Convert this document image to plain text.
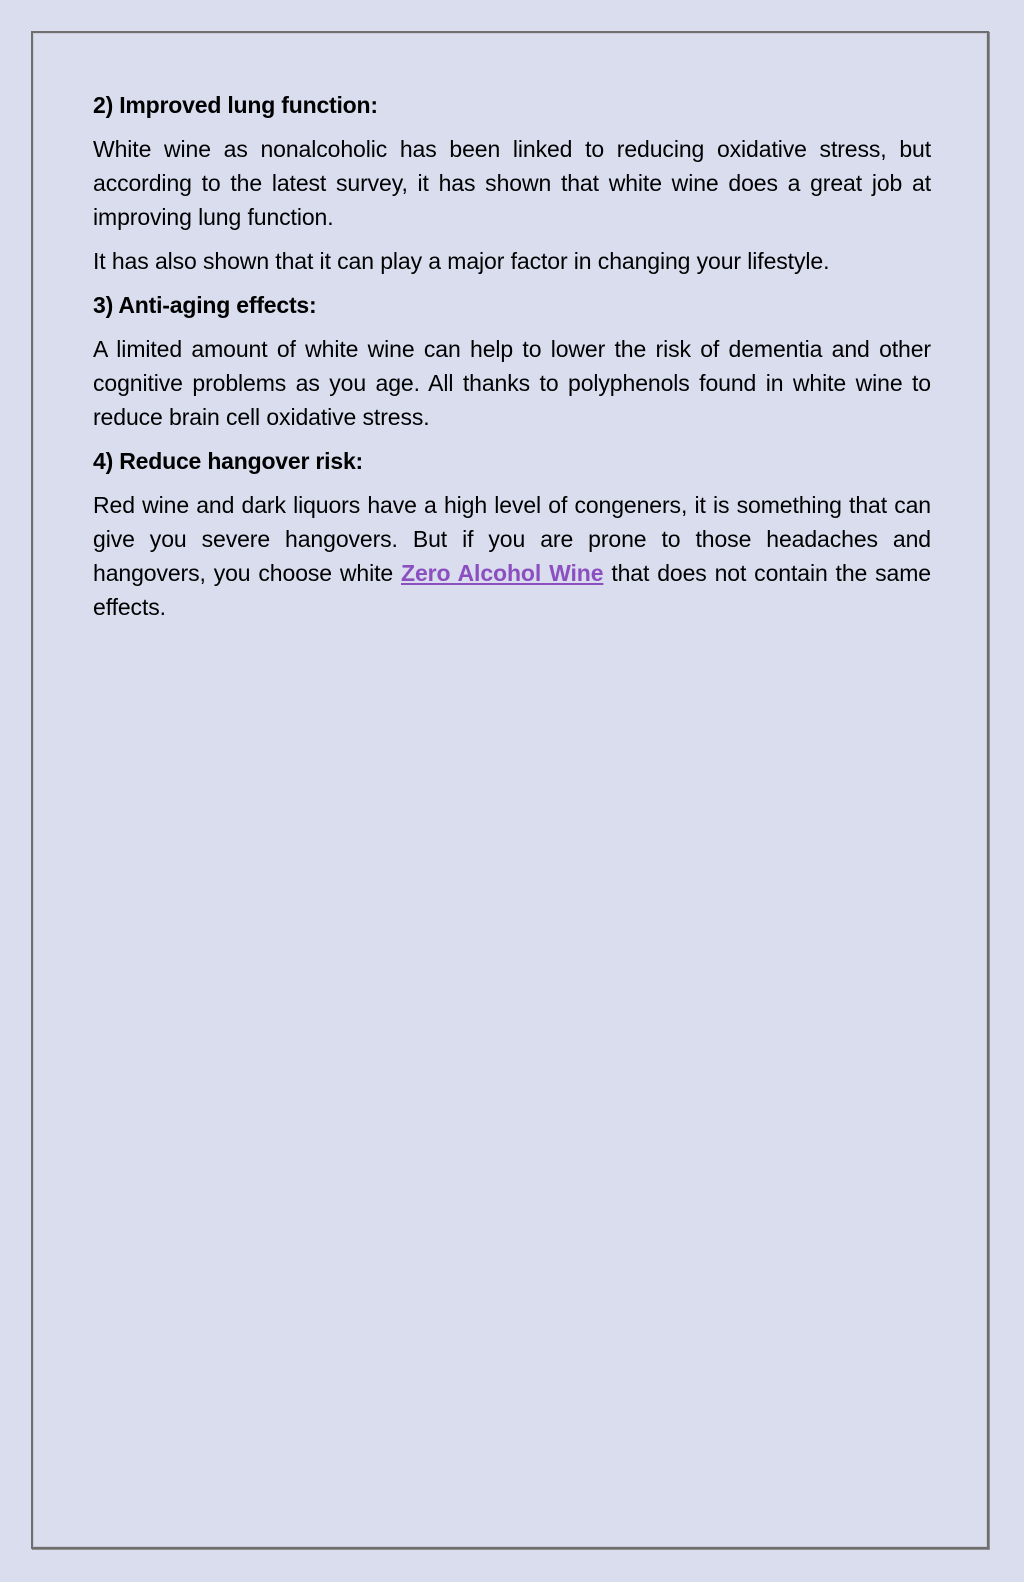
2) Improved lung function:

White wine as nonalcoholic has been linked to reducing oxidative stress, but according to the latest survey, it has shown that white wine does a great job at improving lung function.

It has also shown that it can play a major factor in changing your lifestyle.

3) Anti-aging effects:

A limited amount of white wine can help to lower the risk of dementia and other cognitive problems as you age. All thanks to polyphenols found in white wine to reduce brain cell oxidative stress.

4) Reduce hangover risk:

Red wine and dark liquors have a high level of congeners, it is something that can give you severe hangovers. But if you are prone to those headaches and hangovers, you choose white Zero Alcohol Wine that does not contain the same effects.
